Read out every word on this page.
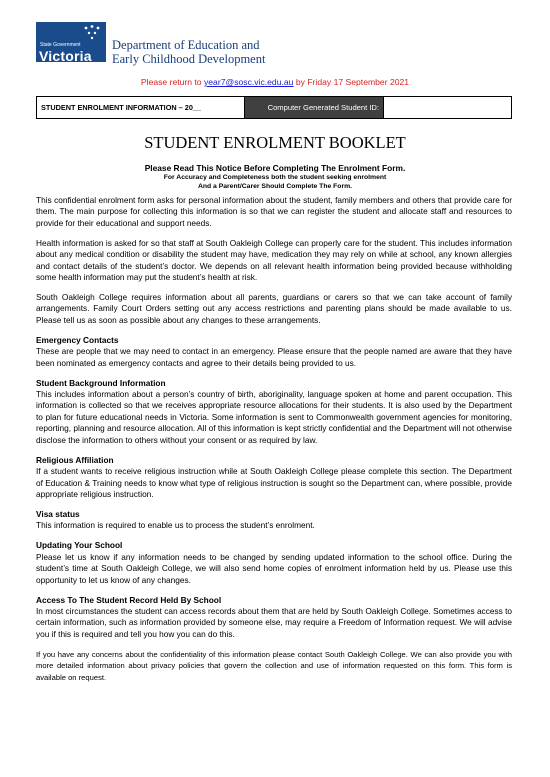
State Government
Victoria
Department of Education and
Early Childhood Development
Please return to year7@sosc.vic.edu.au by Friday 17 September 2021
STUDENT ENROLMENT INFORMATION – 20__	Computer Generated Student ID:	
STUDENT ENROLMENT BOOKLET
Please Read This Notice Before Completing The Enrolment Form.
For Accuracy and Completeness both the student seeking enrolment
And a Parent/Carer Should Complete The Form.

This confidential enrolment form asks for personal information about the student, family members and others that provide care for them. The main purpose for collecting this information is so that we can register the student and allocate staff and resources to provide for their educational and support needs.

Health information is asked for so that staff at South Oakleigh College can properly care for the student. This includes information about any medical condition or disability the student may have, medication they may rely on while at school, any known allergies and contact details of the student’s doctor. We depends on all relevant health information being provided because withholding some health information may put the student’s health at risk.

South Oakleigh College requires information about all parents, guardians or carers so that we can take account of family arrangements. Family Court Orders setting out any access restrictions and parenting plans should be made available to us. Please tell us as soon as possible about any changes to these arrangements.

Emergency Contacts

These are people that we may need to contact in an emergency. Please ensure that the people named are aware that they have been nominated as emergency contacts and agree to their details being provided to us.

Student Background Information

This includes information about a person’s country of birth, aboriginality, language spoken at home and parent occupation. This information is collected so that we receives appropriate resource allocations for their students. It is also used by the Department to plan for future educational needs in Victoria. Some information is sent to Commonwealth government agencies for monitoring, reporting, planning and resource allocation. All of this information is kept strictly confidential and the Department will not otherwise disclose the information to others without your consent or as required by law.

Religious Affiliation

If a student wants to receive religious instruction while at South Oakleigh College please complete this section. The Department of Education & Training needs to know what type of religious instruction is sought so the Department can, where possible, provide appropriate religious instruction.

Visa status

This information is required to enable us to process the student’s enrolment.

Updating Your School

Please let us know if any information needs to be changed by sending updated information to the school office. During the student’s time at South Oakleigh College, we will also send home copies of enrolment information held by us. Please use this opportunity to let us know of any changes.

Access To The Student Record Held By School

In most circumstances the student can access records about them that are held by South Oakleigh College. Sometimes access to certain information, such as information provided by someone else, may require a Freedom of Information request. We will advise you if this is required and tell you how you can do this.

If you have any concerns about the confidentiality of this information please contact South Oakleigh College. We can also provide you with more detailed information about privacy policies that govern the collection and use of information requested on this form. This form is available on request.
